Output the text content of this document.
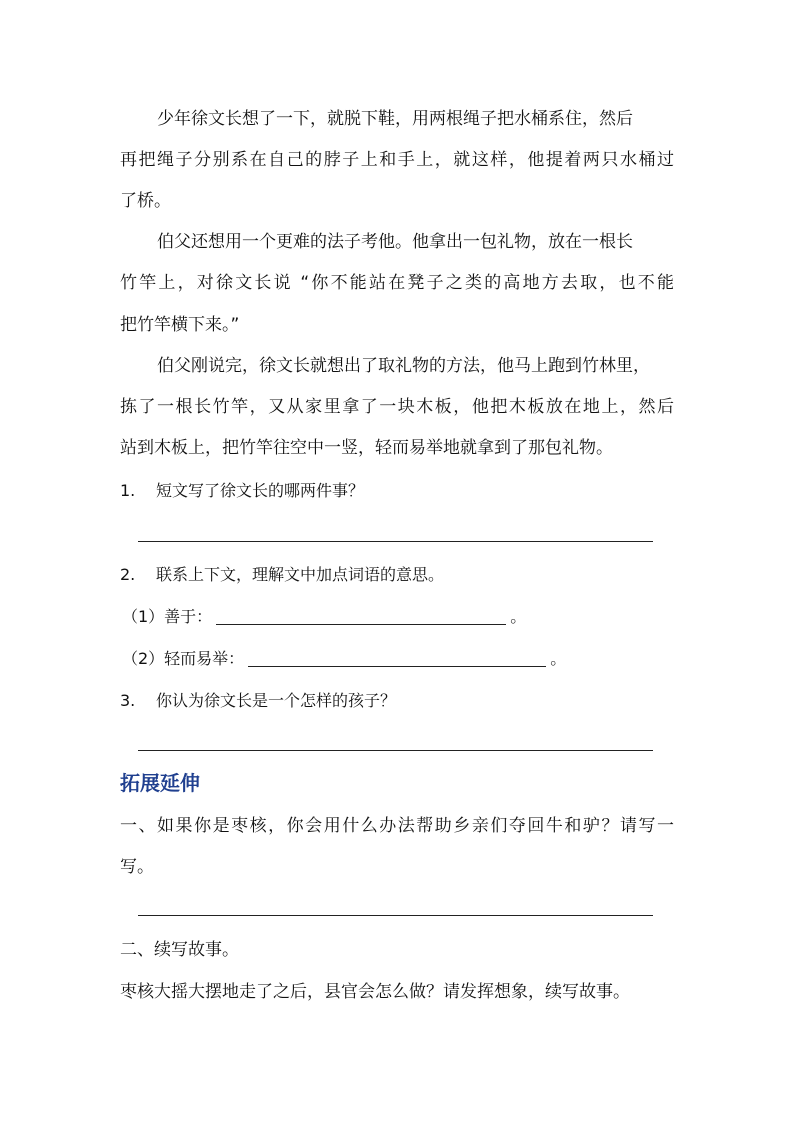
少年徐文长想了一下，就脱下鞋，用两根绳子把水桶系住，然后
再把绳子分别系在自己的脖子上和手上，就这样，他提着两只水桶过
了桥。
伯父还想用一个更难的法子考他。他拿出一包礼物，放在一根长
竹竿上，对徐文长说 “你不能站在凳子之类的高地方去取，也不能
把竹竿横下来。”
伯父刚说完，徐文长就想出了取礼物的方法，他马上跑到竹林里，
拣了一根长竹竿，又从家里拿了一块木板，他把木板放在地上，然后
站到木板上，把竹竿往空中一竖，轻而易举地就拿到了那包礼物。
1. 短文写了徐文长的哪两件事？
2. 联系上下文，理解文中加点词语的意思。
（1）善于：	。
（2）轻而易举：	。
3. 你认为徐文长是一个怎样的孩子？
拓展延伸
一、如果你是枣核，你会用什么办法帮助乡亲们夺回牛和驴？请写一
写。
二、续写故事。
枣核大摇大摆地走了之后，县官会怎么做？请发挥想象，续写故事。
